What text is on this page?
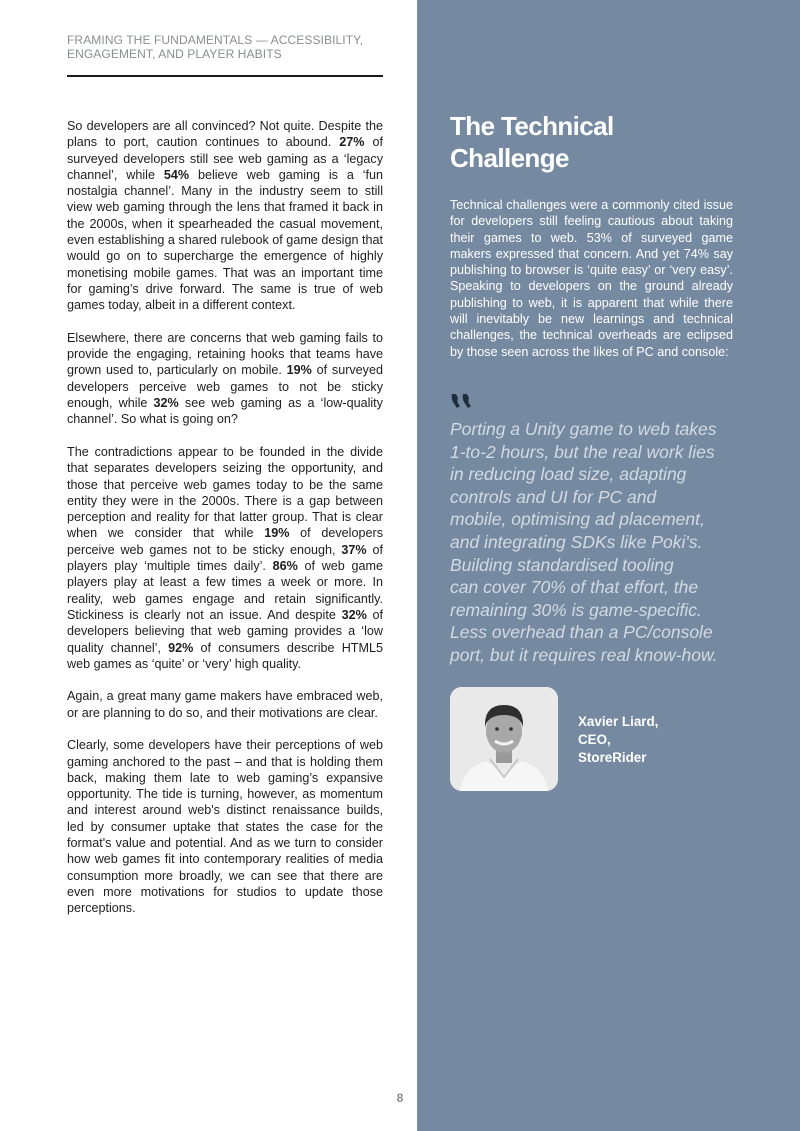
FRAMING THE FUNDAMENTALS — ACCESSIBILITY,
ENGAGEMENT, AND PLAYER HABITS

So developers are all convinced? Not quite. Despite the plans to port, caution continues to abound. 27% of surveyed developers still see web gaming as a ‘legacy channel’, while 54% believe web gaming is a ‘fun nostalgia channel’. Many in the industry seem to still view web gaming through the lens that framed it back in the 2000s, when it spearheaded the casual movement, even establishing a shared rulebook of game design that would go on to supercharge the emergence of highly monetising mobile games. That was an important time for gaming’s drive forward. The same is true of web games today, albeit in a different context.

Elsewhere, there are concerns that web gaming fails to provide the engaging, retaining hooks that teams have grown used to, particularly on mobile. 19% of surveyed developers perceive web games to not be sticky enough, while 32% see web gaming as a ‘low-quality channel’. So what is going on?

The contradictions appear to be founded in the divide that separates developers seizing the opportunity, and those that perceive web games today to be the same entity they were in the 2000s. There is a gap between perception and reality for that latter group. That is clear when we consider that while 19% of developers perceive web games not to be sticky enough, 37% of players play ‘multiple times daily’. 86% of web game players play at least a few times a week or more. In reality, web games engage and retain significantly. Stickiness is clearly not an issue. And despite 32% of developers believing that web gaming provides a ‘low quality channel’, 92% of consumers describe HTML5 web games as ‘quite’ or ‘very’ high quality.

Again, a great many game makers have embraced web, or are planning to do so, and their motivations are clear.

Clearly, some developers have their perceptions of web gaming anchored to the past – and that is holding them back, making them late to web gaming’s expansive opportunity. The tide is turning, however, as momentum and interest around web's distinct renaissance builds, led by consumer uptake that states the case for the format's value and potential. And as we turn to consider how web games fit into contemporary realities of media consumption more broadly, we can see that there are even more motivations for studios to update those perceptions.

8
The Technical
Challenge

Technical challenges were a commonly cited issue for developers still feeling cautious about taking their games to web. 53% of surveyed game makers expressed that concern. And yet 74% say publishing to browser is ‘quite easy’ or ‘very easy’. Speaking to developers on the ground already publishing to web, it is apparent that while there will inevitably be new learnings and technical challenges, the technical overheads are eclipsed by those seen across the likes of PC and console:

Porting a Unity game to web takes
1-to-2 hours, but the real work lies
in reducing load size, adapting
controls and UI for PC and
mobile, optimising ad placement,
and integrating SDKs like Poki's.
Building standardised tooling
can cover 70% of that effort, the
remaining 30% is game-specific.
Less overhead than a PC/console
port, but it requires real know-how.
Xavier Liard,
CEO,
StoreRider
